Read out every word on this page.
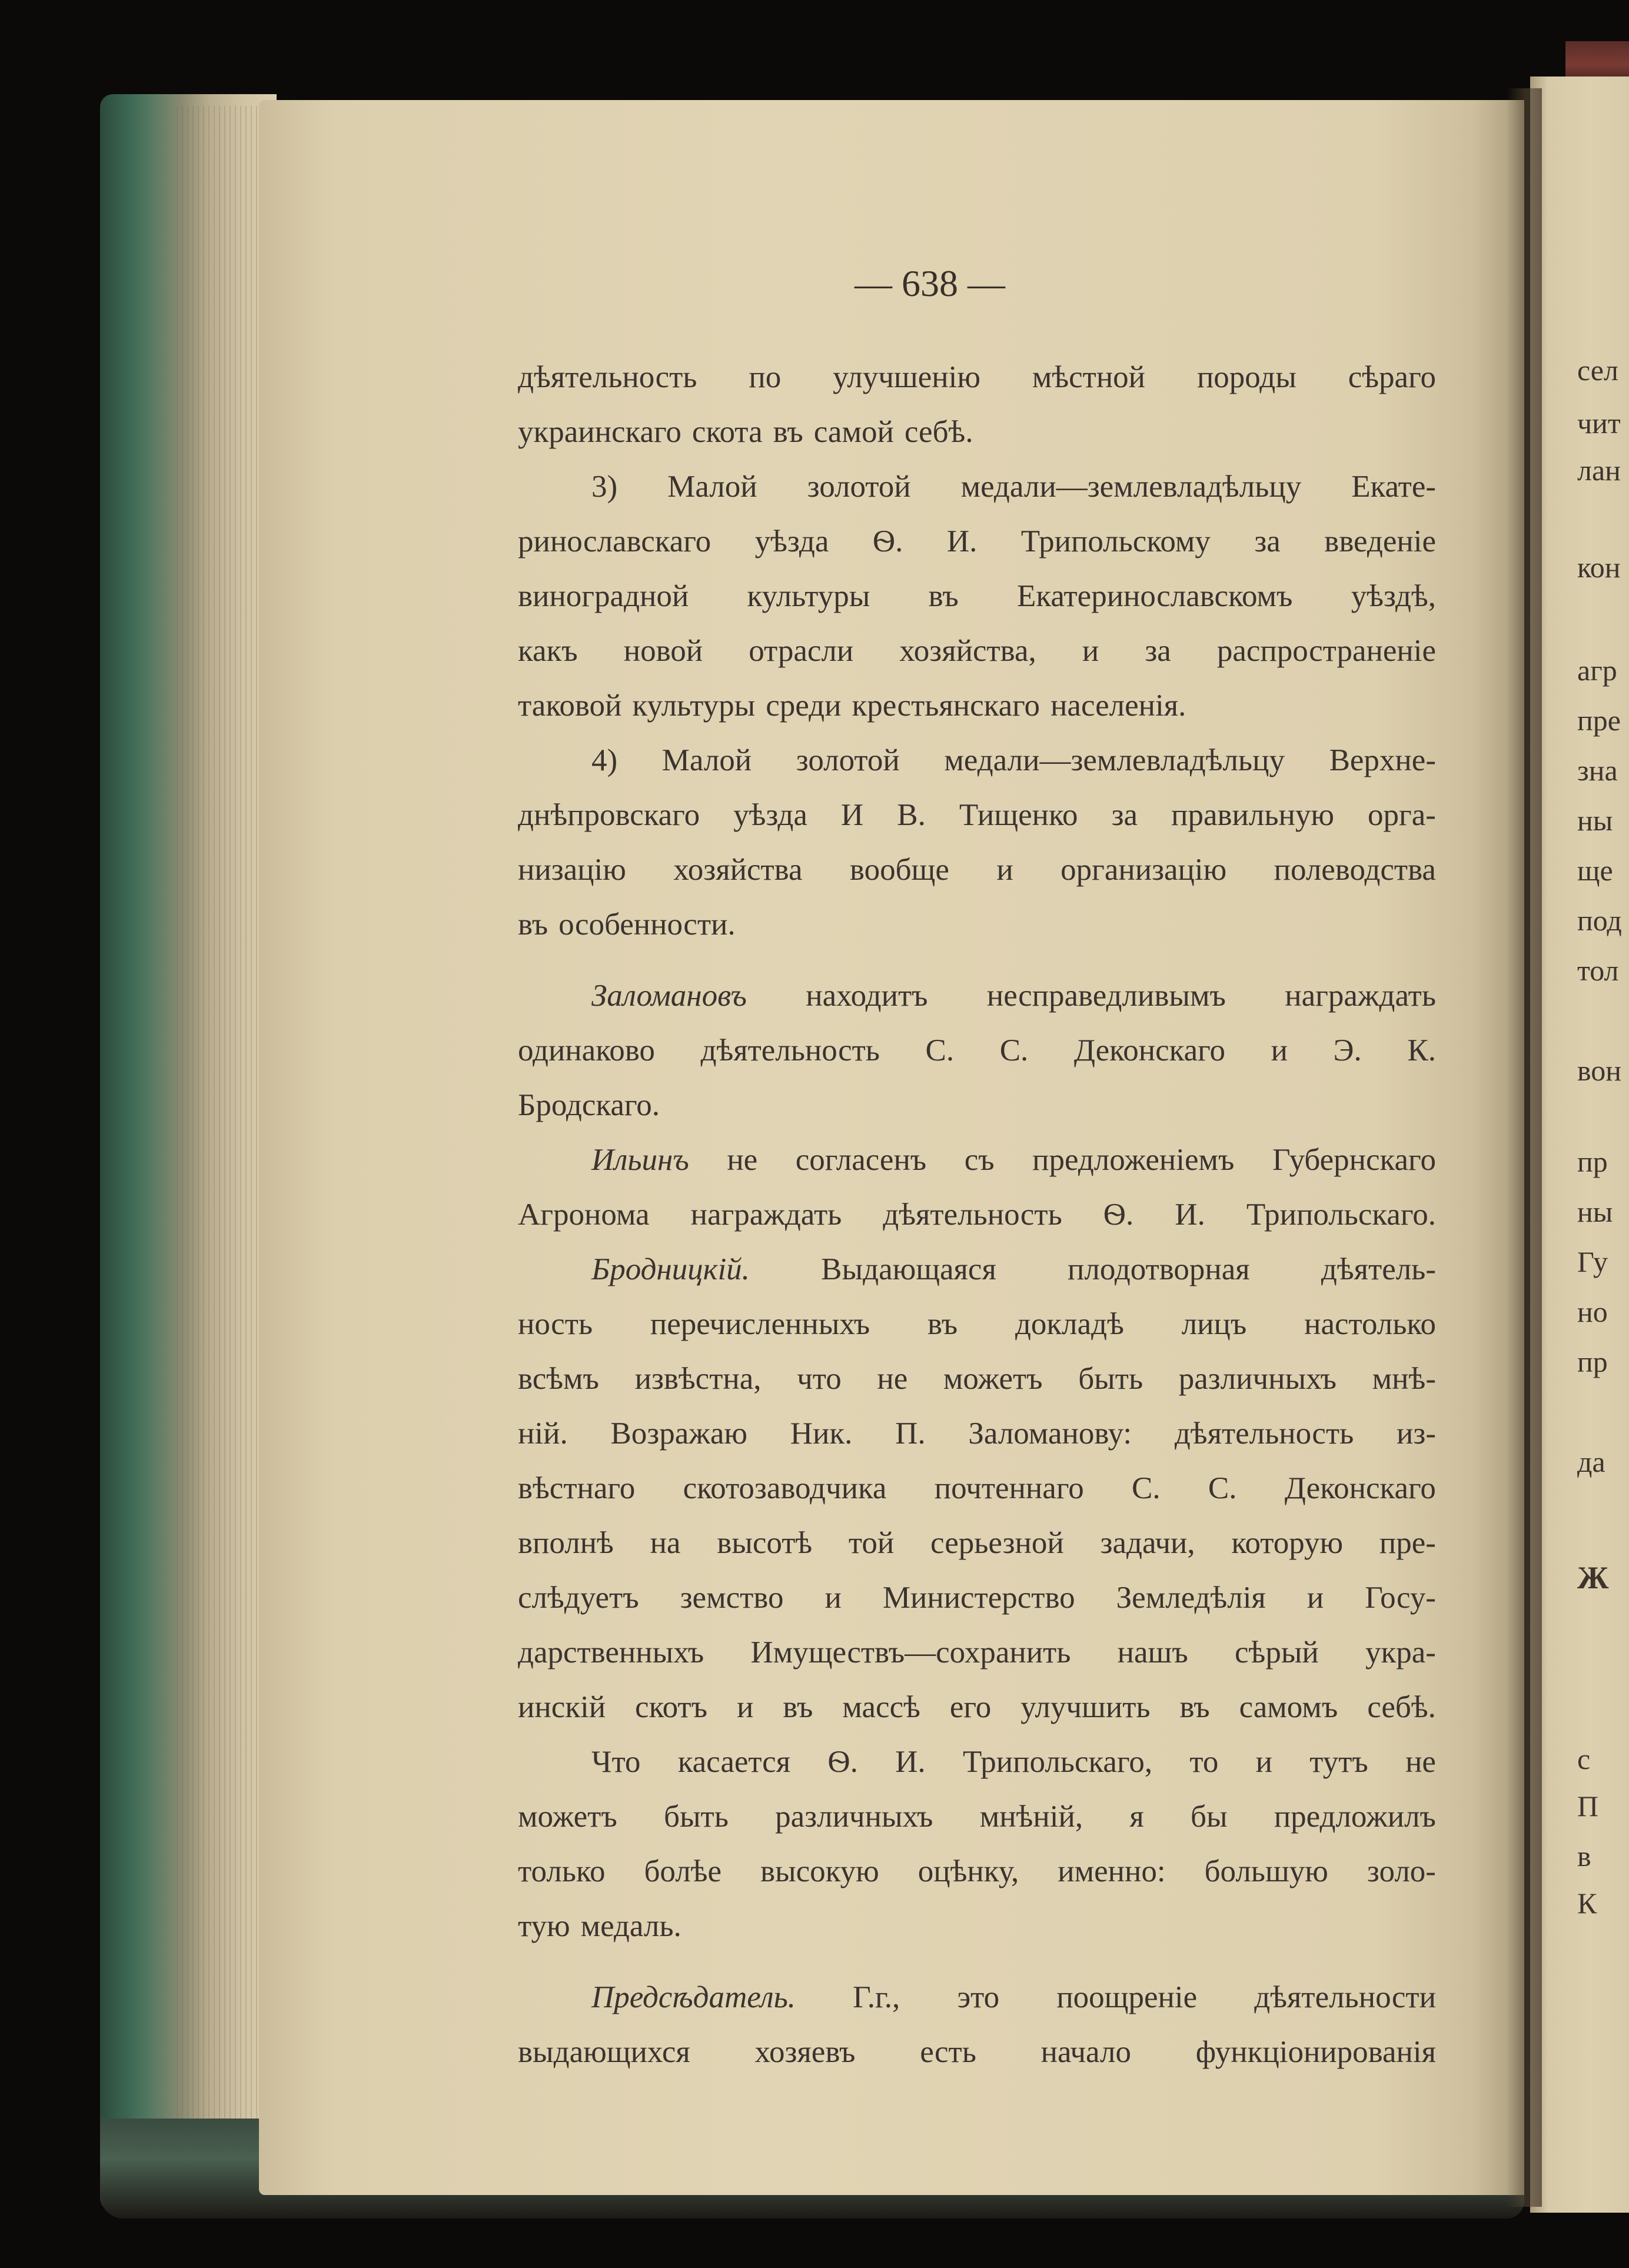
— 638 —
дѣятельность по улучшенію мѣстной породы сѣраго
украинскаго скота въ самой себѣ.
3) Малой золотой медали—землевладѣльцу Екате-
ринославскаго уѣзда Ѳ. И. Трипольскому за введеніе
виноградной культуры въ Екатеринославскомъ уѣздѣ,
какъ новой отрасли хозяйства, и за распространеніе
таковой культуры среди крестьянскаго населенія.
4) Малой золотой медали—землевладѣльцу Верхне-
днѣпровскаго уѣзда И В. Тищенко за правильную орга-
низацію хозяйства вообще и организацію полеводства
въ особенности.
Заломановъ находитъ несправедливымъ награждать
одинаково дѣятельность С. С. Деконскаго и Э. К.
Бродскаго.
Ильинъ не согласенъ съ предложеніемъ Губернскаго
Агронома награждать дѣятельность Ѳ. И. Трипольскаго.
Бродницкій. Выдающаяся плодотворная дѣятель-
ность перечисленныхъ въ докладѣ лицъ настолько
всѣмъ извѣстна, что не можетъ быть различныхъ мнѣ-
ній. Возражаю Ник. П. Заломанову: дѣятельность из-
вѣстнаго скотозаводчика почтеннаго С. С. Деконскаго
вполнѣ на высотѣ той серьезной задачи, которую пре-
слѣдуетъ земство и Министерство Земледѣлія и Госу-
дарственныхъ Имуществъ—сохранить нашъ сѣрый укра-
инскій скотъ и въ массѣ его улучшить въ самомъ себѣ.
Что касается Ѳ. И. Трипольскаго, то и тутъ не
можетъ быть различныхъ мнѣній, я бы предложилъ
только болѣе высокую оцѣнку, именно: большую золо-
тую медаль.
Предсѣдатель. Г.г., это поощреніе дѣятельности
выдающихся хозяевъ есть начало функціонированія
сел
чит
лан
кон
агр
пре
зна
ны
ще
под
тол
вон
пр
ны
Гу
но
пр
да
Ж
с
П
в
К
